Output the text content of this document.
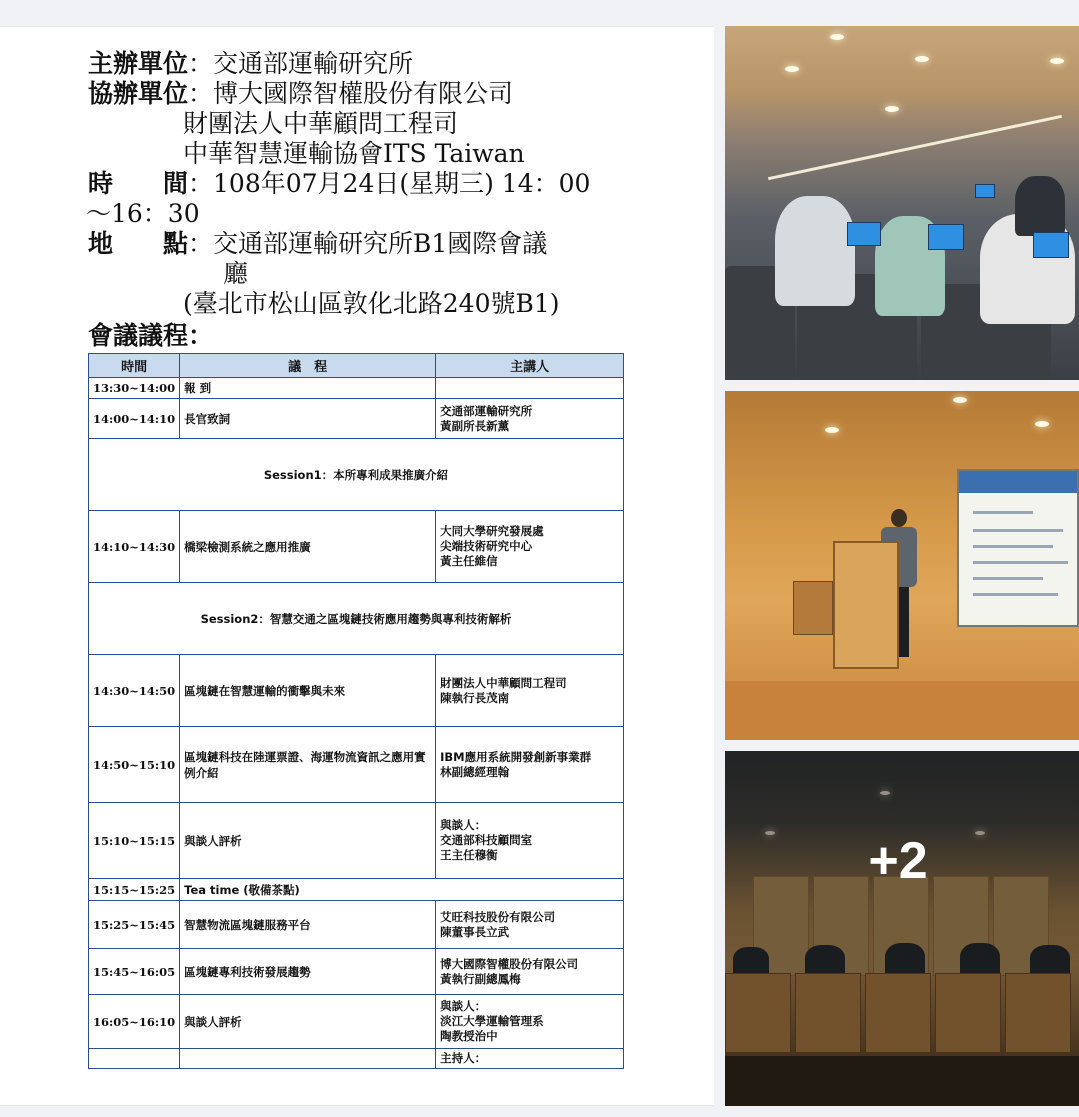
主辦單位：交通部運輸研究所
協辦單位：博大國際智權股份有限公司
財團法人中華顧問工程司
中華智慧運輸協會ITS Taiwan
時　　間：108年07月24日(星期三) 14：00
～16：30
地　　點：交通部運輸研究所B1國際會議
廳
(臺北市松山區敦化北路240號B1)
會議議程：
時間	議　程	主講人
13:30~14:00	報 到	
14:00~14:10	長官致詞	交通部運輸研究所
黃副所長新薰
Session1：本所專利成果推廣介紹		
14:10~14:30	橋梁檢測系統之應用推廣	大同大學研究發展處
尖端技術研究中心
黃主任維信
Session2：智慧交通之區塊鏈技術應用趨勢與專利技術解析		
14:30~14:50	區塊鏈在智慧運輸的衝擊與未來	財團法人中華顧問工程司
陳執行長茂南
14:50~15:10	區塊鏈科技在陸運票證、海運物流資訊之應用實例介紹	IBM應用系統開發創新事業群
林副總經理翰
15:10~15:15	與談人評析	與談人：
交通部科技顧問室
王主任穆衡
15:15~15:25	Tea time (敬備茶點)	
15:25~15:45	智慧物流區塊鏈服務平台	艾旺科技股份有限公司
陳董事長立武
15:45~16:05	區塊鏈專利技術發展趨勢	博大國際智權股份有限公司
黃執行副總鳳梅
16:05~16:10	與談人評析	與談人：
淡江大學運輸管理系
陶教授治中
		主持人：
+2
